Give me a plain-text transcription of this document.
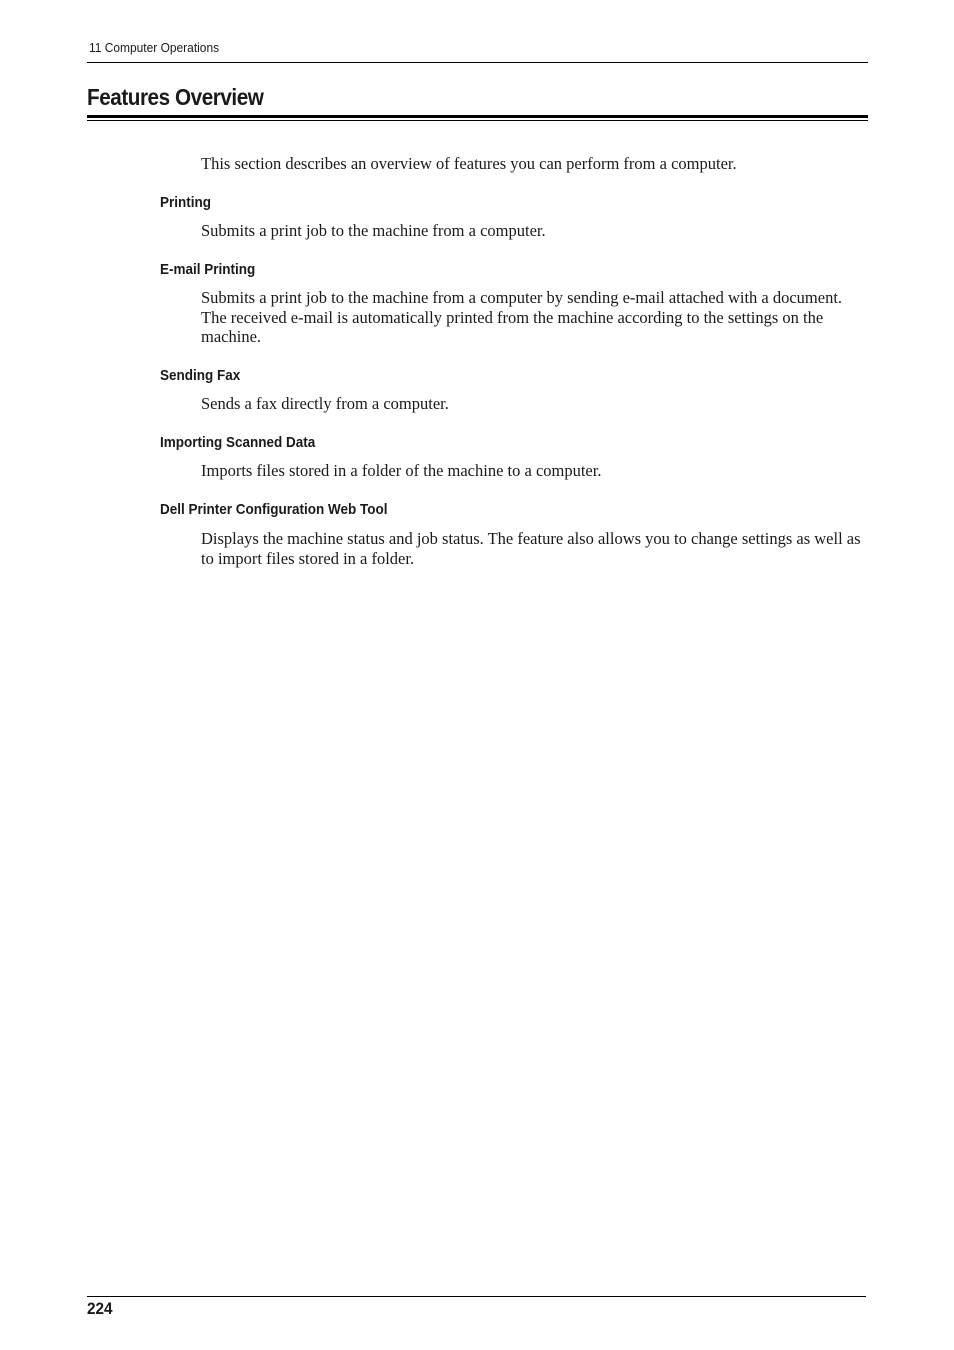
11 Computer Operations
Features Overview

This section describes an overview of features you can perform from a computer.

Printing

Submits a print job to the machine from a computer.

E-mail Printing

Submits a print job to the machine from a computer by sending e-mail attached with a document. The received e-mail is automatically printed from the machine according to the settings on the machine.

Sending Fax

Sends a fax directly from a computer.

Importing Scanned Data

Imports files stored in a folder of the machine to a computer.

Dell Printer Configuration Web Tool

Displays the machine status and job status. The feature also allows you to change settings as well as to import files stored in a folder.

224
